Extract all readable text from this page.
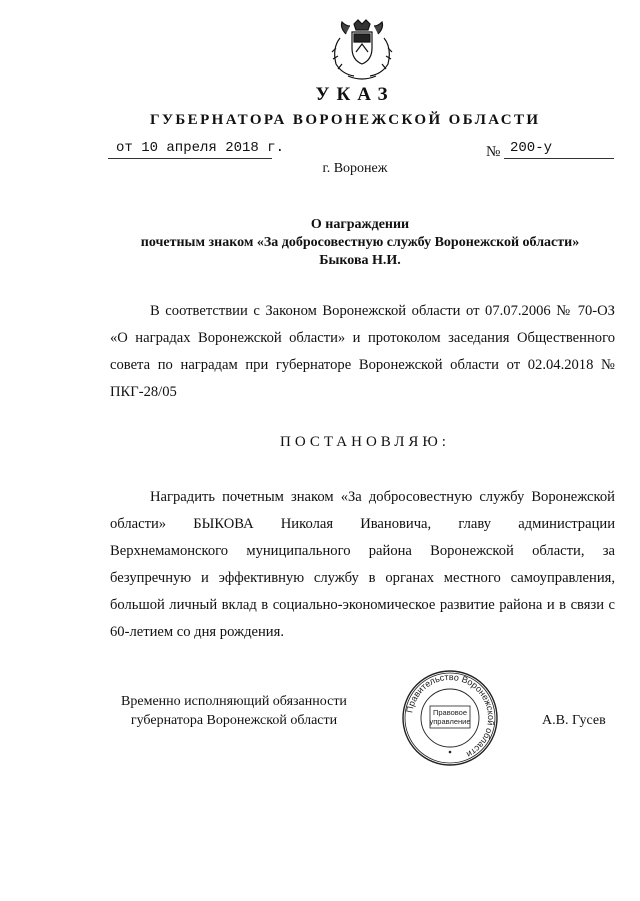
УКАЗ
ГУБЕРНАТОРА ВОРОНЕЖСКОЙ ОБЛАСТИ
от 10 апреля 2018 г.	№ 200-у
г. Воронеж
О награждении
почетным знаком «За добросовестную службу Воронежской области»
Быкова Н.И.
В соответствии с Законом Воронежской области от 07.07.2006 № 70-ОЗ «О наградах Воронежской области» и протоколом заседания Общественного совета по наградам при губернаторе Воронежской области от 02.04.2018 № ПКГ-28/05
ПОСТАНОВЛЯЮ:
Наградить почетным знаком «За добросовестную службу Воронежской области» БЫКОВА Николая Ивановича, главу администрации Верхнемамонского муниципального района Воронежской области, за безупречную и эффективную службу в органах местного самоуправления, большой личный вклад в социально-экономическое развитие района и в связи с 60-летием со дня рождения.
Временно исполняющий обязанности
губернатора Воронежской области
Правительство Воронежской области
Правовое
управление	А.В. Гусев
